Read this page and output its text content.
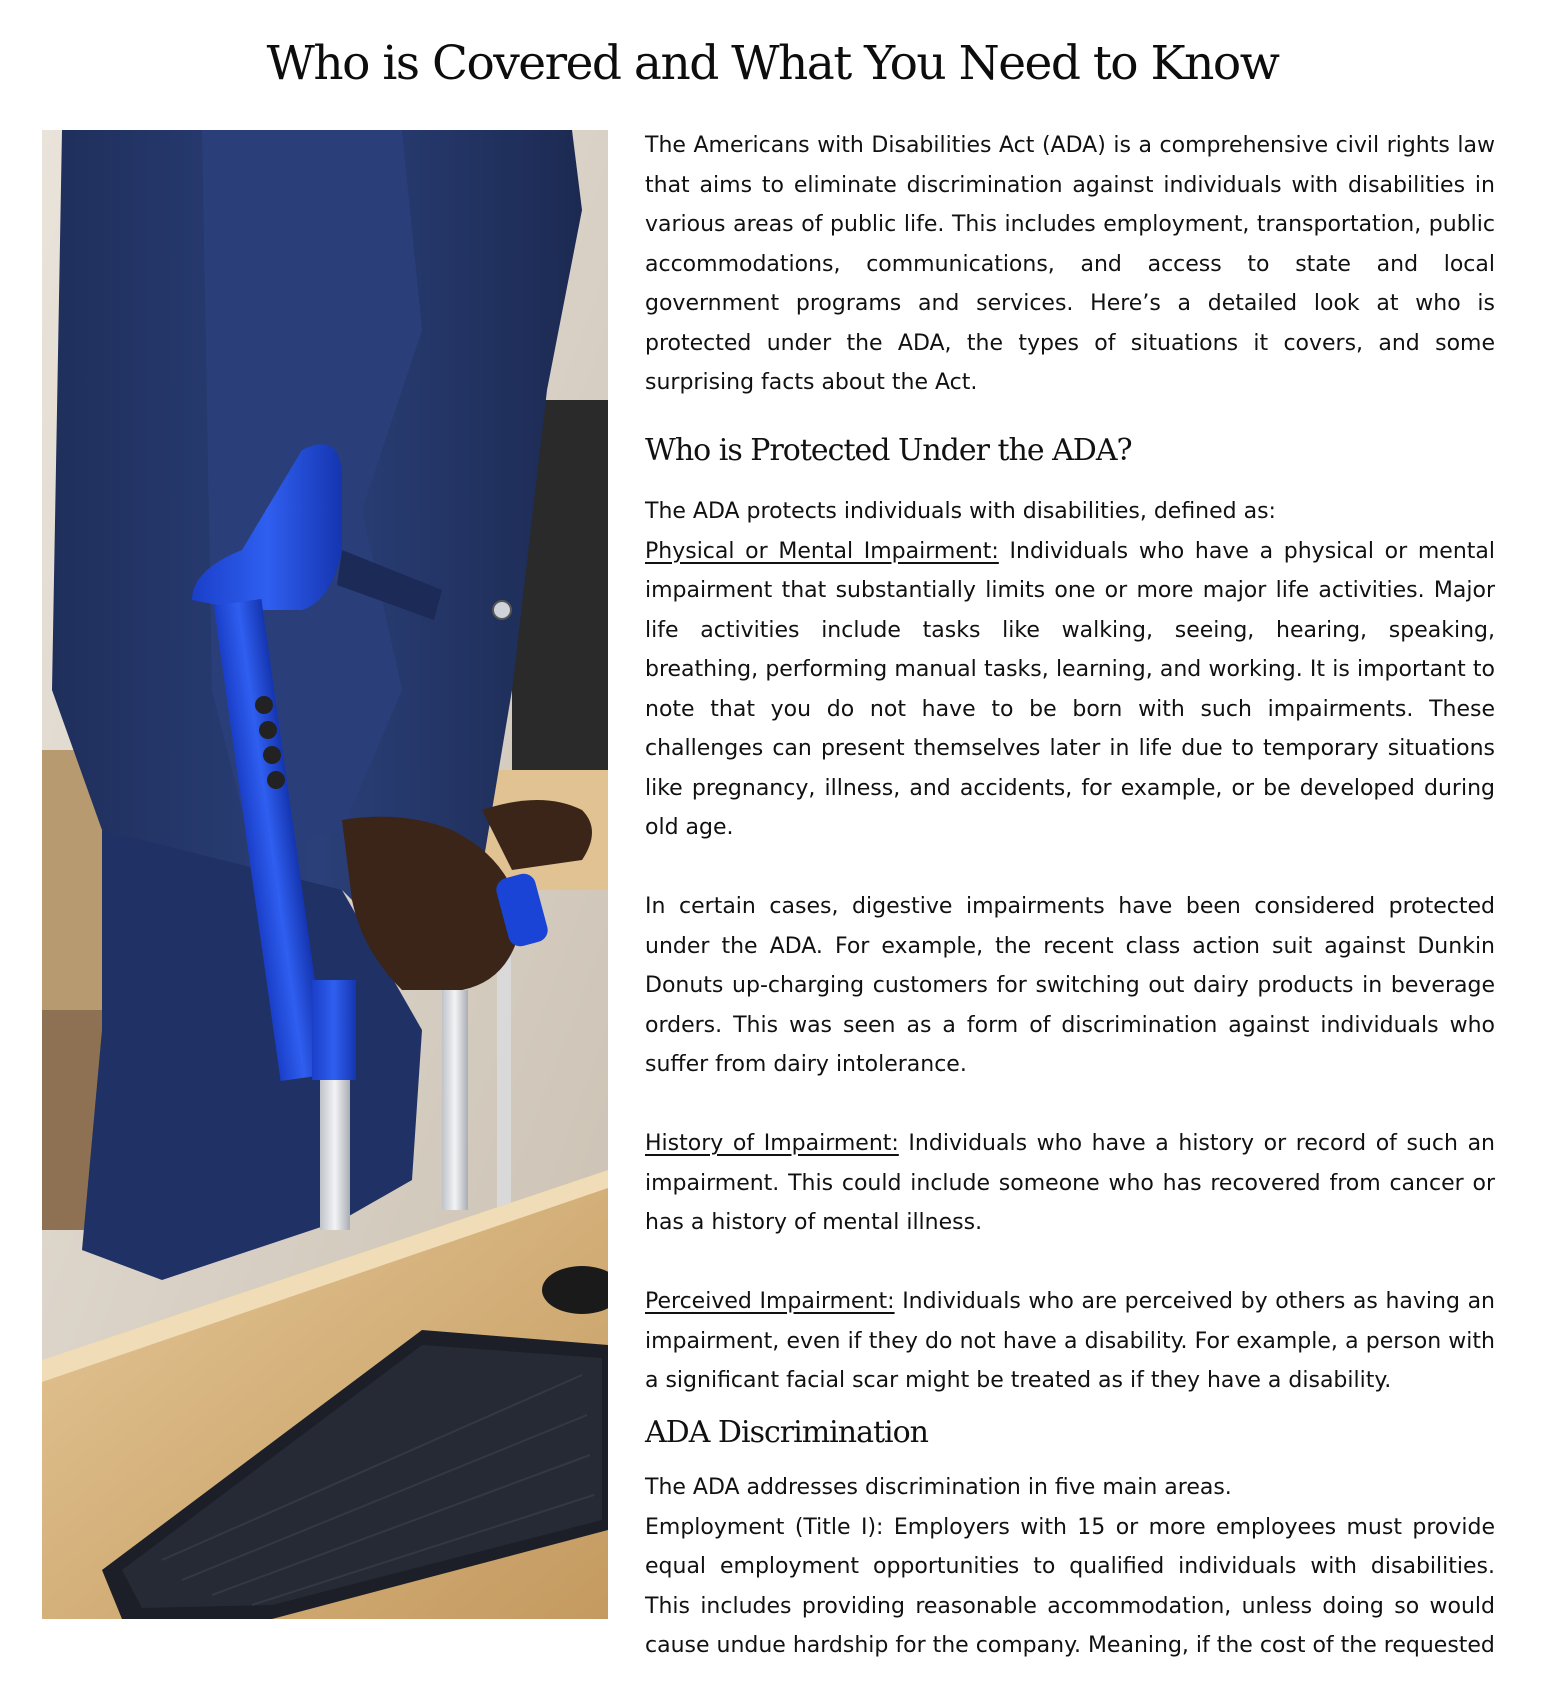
Who is Covered and What You Need to Know

The Americans with Disabilities Act (ADA) is a comprehensive civil rights law that aims to eliminate discrimination against individuals with disabilities in various areas of public life. This includes employment, transportation, public accommodations, communications, and access to state and local government programs and services. Here’s a detailed look at who is protected under the ADA, the types of situations it covers, and some surprising facts about the Act.

Who is Protected Under the ADA?

The ADA protects individuals with disabilities, defined as:

Physical or Mental Impairment: Individuals who have a physical or mental impairment that substantially limits one or more major life activities. Major life activities include tasks like walking, seeing, hearing, speaking, breathing, performing manual tasks, learning, and working. It is important to note that you do not have to be born with such impairments. These challenges can present themselves later in life due to temporary situations like pregnancy, illness, and accidents, for example, or be developed during old age.

In certain cases, digestive impairments have been considered protected under the ADA. For example, the recent class action suit against Dunkin Donuts up-charging customers for switching out dairy products in beverage orders. This was seen as a form of discrimination against individuals who suffer from dairy intolerance.

History of Impairment: Individuals who have a history or record of such an impairment. This could include someone who has recovered from cancer or has a history of mental illness.

Perceived Impairment: Individuals who are perceived by others as having an impairment, even if they do not have a disability. For example, a person with a significant facial scar might be treated as if they have a disability.

ADA Discrimination

The ADA addresses discrimination in five main areas.

Employment (Title I): Employers with 15 or more employees must provide equal employment opportunities to qualified individuals with disabilities. This includes providing reasonable accommodation, unless doing so would cause undue hardship for the company. Meaning, if the cost of the requested
